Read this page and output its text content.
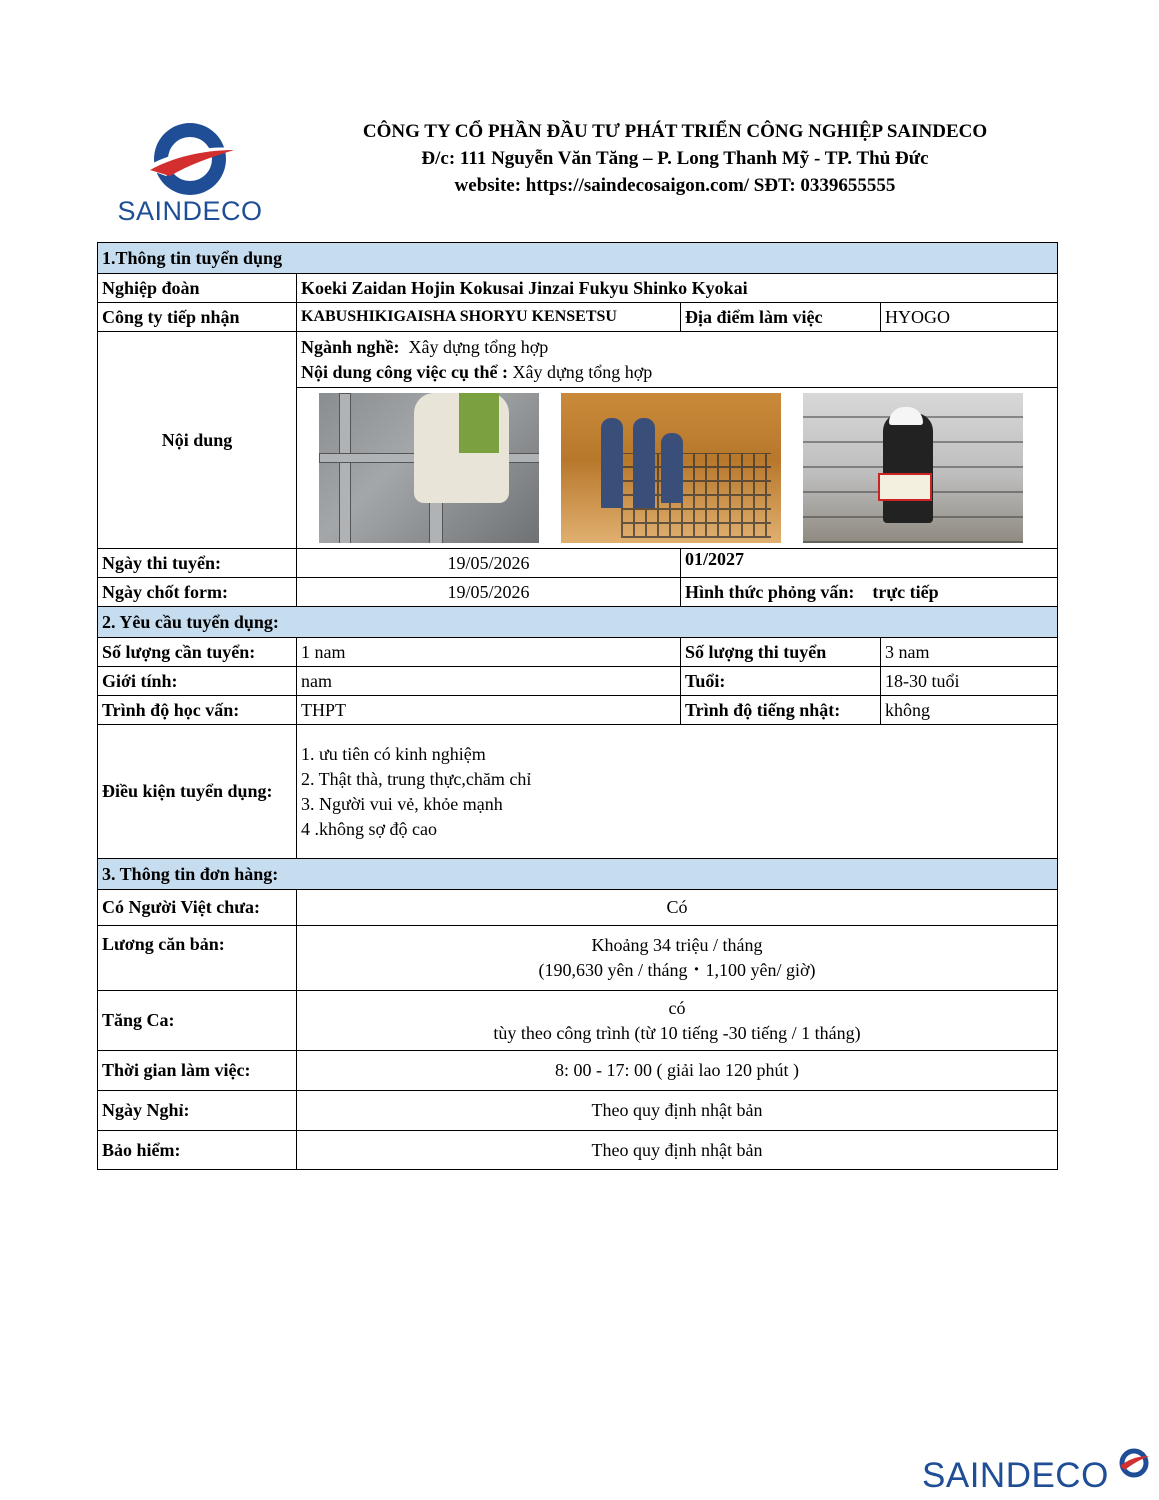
SAINDECO
CÔNG TY CỔ PHẦN ĐẦU TƯ PHÁT TRIỂN CÔNG NGHIỆP SAINDECO
Đ/c: 111 Nguyễn Văn Tăng – P. Long Thanh Mỹ - TP. Thủ Đức
website: https://saindecosaigon.com/ SĐT: 0339655555
1.Thông tin tuyển dụng			
Nghiệp đoàn	Koeki Zaidan Hojin Kokusai Jinzai Fukyu Shinko Kyokai		
Công ty tiếp nhận	KABUSHIKIGAISHA SHORYU KENSETSU	Địa điểm làm việc	HYOGO
Nội dung	Ngành nghề: Xây dựng tổng hợp
Nội dung công việc cụ thể : Xây dựng tổng hợp		

Ngày thi tuyển:	19/05/2026	01/2027	
Ngày chốt form:	19/05/2026	Hình thức phỏng vấn: trực tiếp	
2. Yêu cầu tuyển dụng:			
Số lượng cần tuyển:	1 nam	Số lượng thi tuyển	3 nam
Giới tính:	nam	Tuổi:	18-30 tuổi
Trình độ học vấn:	THPT	Trình độ tiếng nhật:	không
Điều kiện tuyển dụng:	1. ưu tiên có kinh nghiệm
2. Thật thà, trung thực,chăm chỉ
3. Người vui vẻ, khỏe mạnh
4 .không sợ độ cao		

3. Thông tin đơn hàng:			
Có Người Việt chưa:	Có		
Lương căn bản:	Khoảng 34 triệu / tháng
(190,630 yên / tháng・1,100 yên/ giờ)		

Tăng Ca:	có
tùy theo công trình (từ 10 tiếng -30 tiếng / 1 tháng)		

Thời gian làm việc:	8: 00 - 17: 00 ( giải lao 120 phút )		
Ngày Nghỉ:	Theo quy định nhật bản		
Bảo hiểm:	Theo quy định nhật bản		
SAINDECO
